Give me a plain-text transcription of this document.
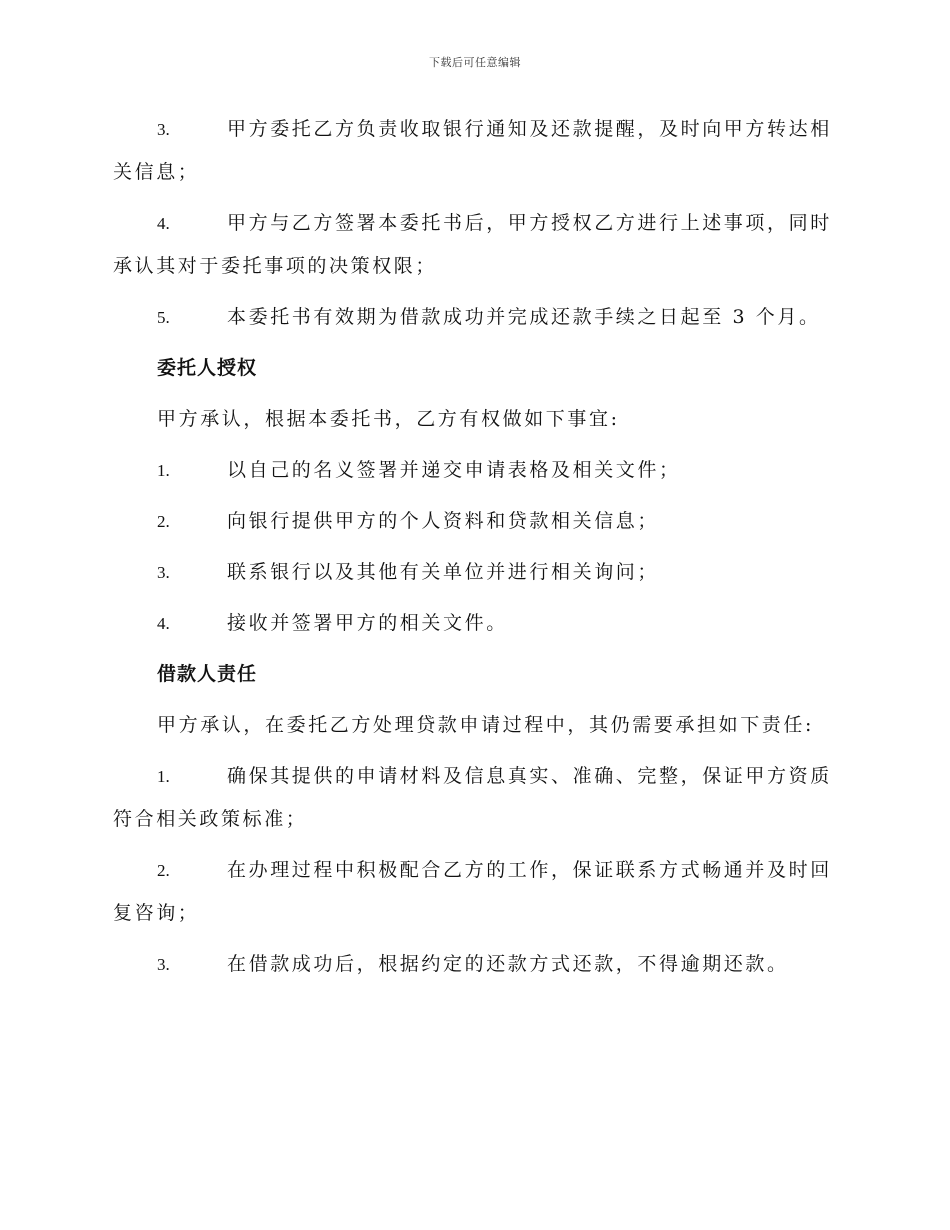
下载后可任意编辑
3.	甲方委托乙方负责收取银行通知及还款提醒，及时向甲方转达相关信息；
4.	甲方与乙方签署本委托书后，甲方授权乙方进行上述事项，同时承认其对于委托事项的决策权限；
5.	本委托书有效期为借款成功并完成还款手续之日起至 3 个月。
委托人授权
甲方承认，根据本委托书，乙方有权做如下事宜:
1.	以自己的名义签署并递交申请表格及相关文件；
2.	向银行提供甲方的个人资料和贷款相关信息；
3.	联系银行以及其他有关单位并进行相关询问；
4.	接收并签署甲方的相关文件。
借款人责任
甲方承认，在委托乙方处理贷款申请过程中，其仍需要承担如下责任:
1.	确保其提供的申请材料及信息真实、准确、完整，保证甲方资质符合相关政策标准；
2.	在办理过程中积极配合乙方的工作，保证联系方式畅通并及时回复咨询；
3.	在借款成功后，根据约定的还款方式还款，不得逾期还款。
